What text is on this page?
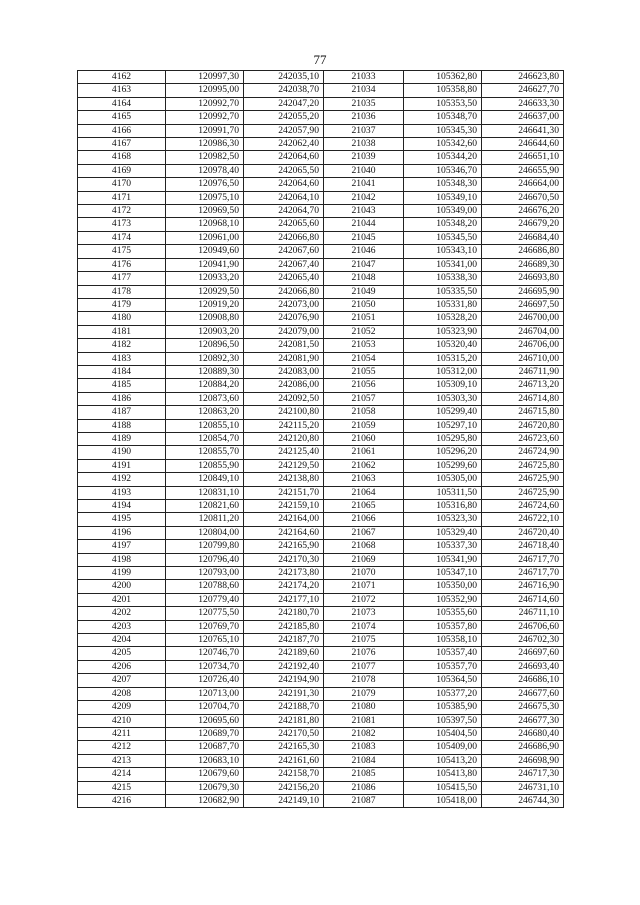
77
4162	120997,30	242035,10	21033	105362,80	246623,80
4163	120995,00	242038,70	21034	105358,80	246627,70
4164	120992,70	242047,20	21035	105353,50	246633,30
4165	120992,70	242055,20	21036	105348,70	246637,00
4166	120991,70	242057,90	21037	105345,30	246641,30
4167	120986,30	242062,40	21038	105342,60	246644,60
4168	120982,50	242064,60	21039	105344,20	246651,10
4169	120978,40	242065,50	21040	105346,70	246655,90
4170	120976,50	242064,60	21041	105348,30	246664,00
4171	120975,10	242064,10	21042	105349,10	246670,50
4172	120969,50	242064,70	21043	105349,00	246676,20
4173	120968,10	242065,60	21044	105348,20	246679,20
4174	120961,00	242066,80	21045	105345,50	246684,40
4175	120949,60	242067,60	21046	105343,10	246686,80
4176	120941,90	242067,40	21047	105341,00	246689,30
4177	120933,20	242065,40	21048	105338,30	246693,80
4178	120929,50	242066,80	21049	105335,50	246695,90
4179	120919,20	242073,00	21050	105331,80	246697,50
4180	120908,80	242076,90	21051	105328,20	246700,00
4181	120903,20	242079,00	21052	105323,90	246704,00
4182	120896,50	242081,50	21053	105320,40	246706,00
4183	120892,30	242081,90	21054	105315,20	246710,00
4184	120889,30	242083,00	21055	105312,00	246711,90
4185	120884,20	242086,00	21056	105309,10	246713,20
4186	120873,60	242092,50	21057	105303,30	246714,80
4187	120863,20	242100,80	21058	105299,40	246715,80
4188	120855,10	242115,20	21059	105297,10	246720,80
4189	120854,70	242120,80	21060	105295,80	246723,60
4190	120855,70	242125,40	21061	105296,20	246724,90
4191	120855,90	242129,50	21062	105299,60	246725,80
4192	120849,10	242138,80	21063	105305,00	246725,90
4193	120831,10	242151,70	21064	105311,50	246725,90
4194	120821,60	242159,10	21065	105316,80	246724,60
4195	120811,20	242164,00	21066	105323,30	246722,10
4196	120804,00	242164,60	21067	105329,40	246720,40
4197	120799,80	242165,90	21068	105337,30	246718,40
4198	120796,40	242170,30	21069	105341,90	246717,70
4199	120793,00	242173,80	21070	105347,10	246717,70
4200	120788,60	242174,20	21071	105350,00	246716,90
4201	120779,40	242177,10	21072	105352,90	246714,60
4202	120775,50	242180,70	21073	105355,60	246711,10
4203	120769,70	242185,80	21074	105357,80	246706,60
4204	120765,10	242187,70	21075	105358,10	246702,30
4205	120746,70	242189,60	21076	105357,40	246697,60
4206	120734,70	242192,40	21077	105357,70	246693,40
4207	120726,40	242194,90	21078	105364,50	246686,10
4208	120713,00	242191,30	21079	105377,20	246677,60
4209	120704,70	242188,70	21080	105385,90	246675,30
4210	120695,60	242181,80	21081	105397,50	246677,30
4211	120689,70	242170,50	21082	105404,50	246680,40
4212	120687,70	242165,30	21083	105409,00	246686,90
4213	120683,10	242161,60	21084	105413,20	246698,90
4214	120679,60	242158,70	21085	105413,80	246717,30
4215	120679,30	242156,20	21086	105415,50	246731,10
4216	120682,90	242149,10	21087	105418,00	246744,30
